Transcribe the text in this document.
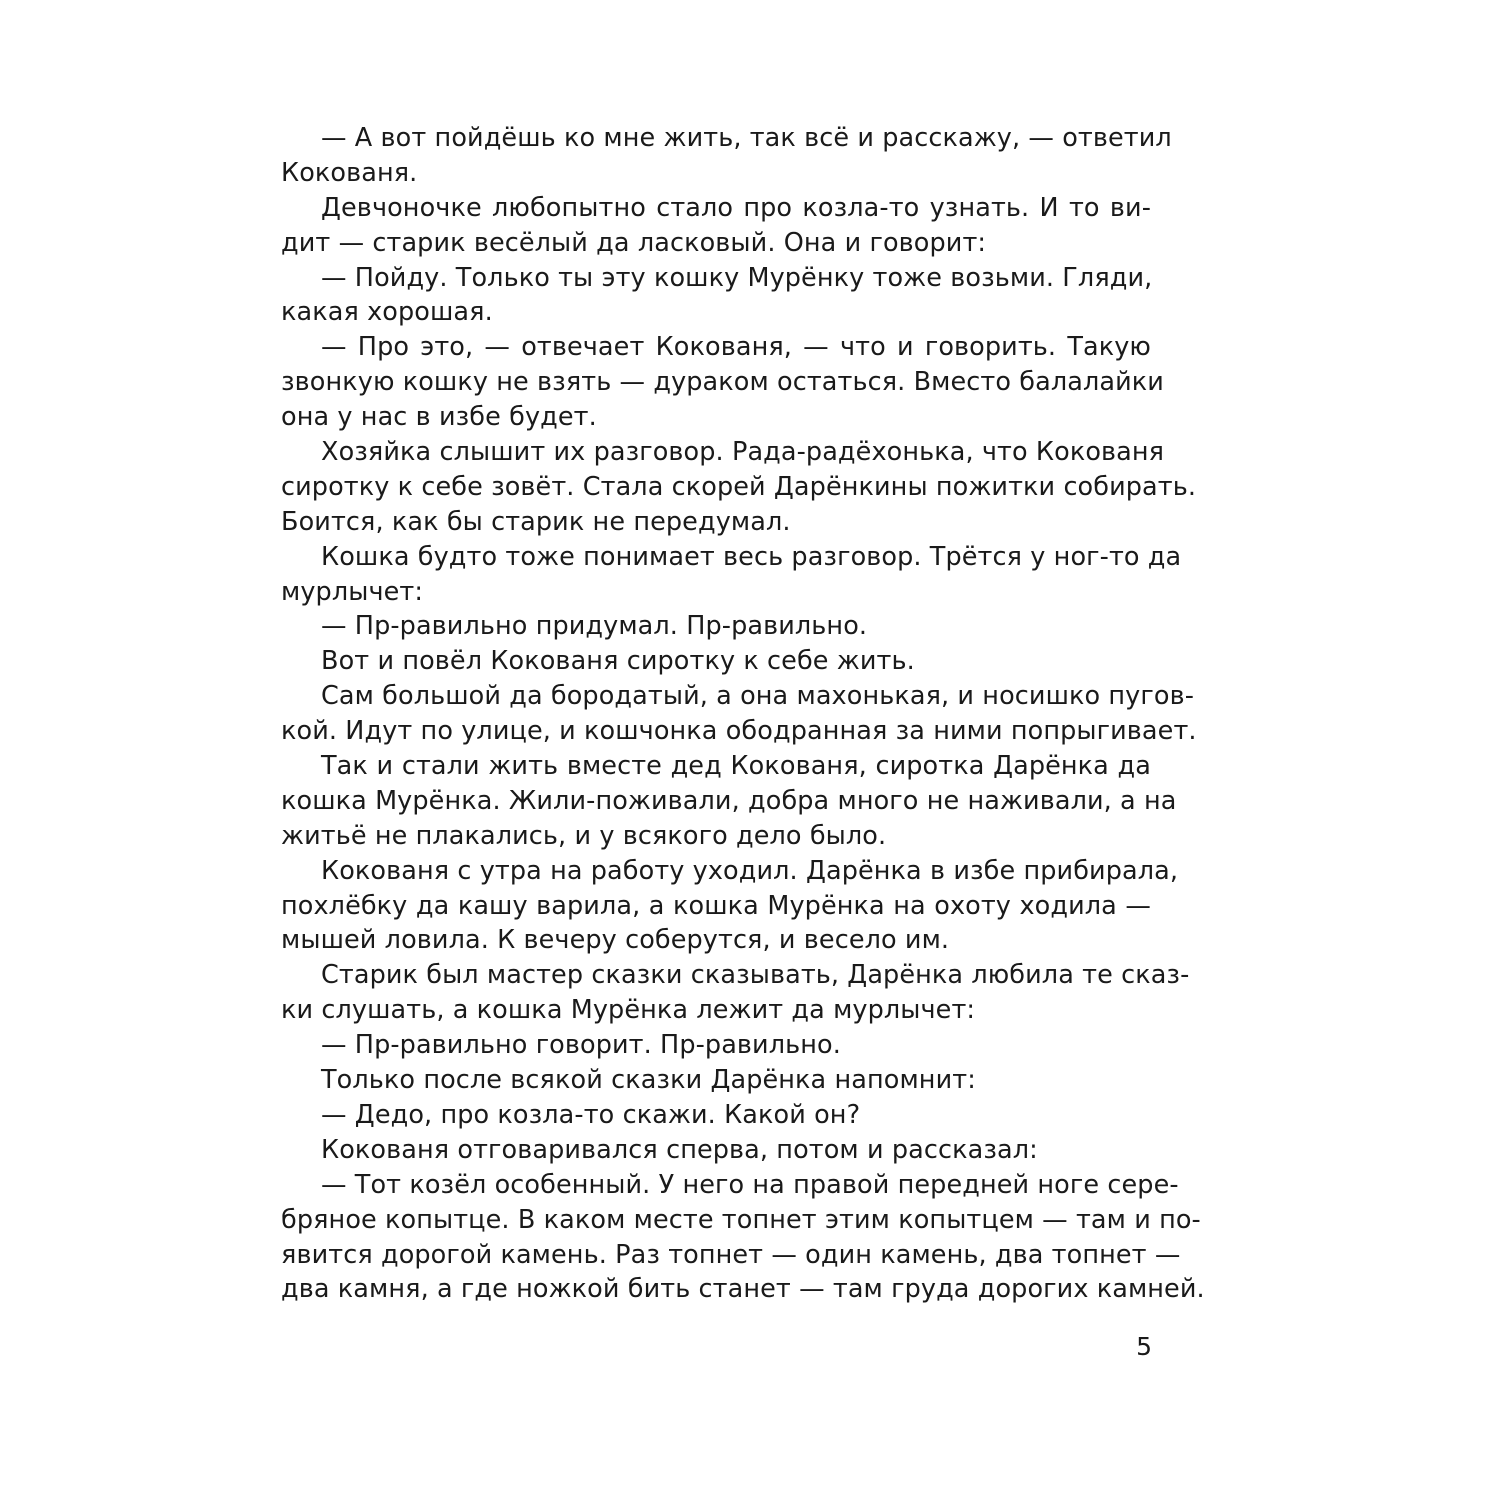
— А вот пойдёшь ко мне жить, так всё и расскажу, — ответил
Кокованя.
Девчоночке любопытно стало про козла-то узнать. И то ви-
дит — старик весёлый да ласковый. Она и говорит:
— Пойду. Только ты эту кошку Мурёнку тоже возьми. Гляди,
какая хорошая.
— Про это, — отвечает Кокованя, — что и говорить. Такую
звонкую кошку не взять — дураком остаться. Вместо балалайки
она у нас в избе будет.
Хозяйка слышит их разговор. Рада-радёхонька, что Кокованя
сиротку к себе зовёт. Стала скорей Дарёнкины пожитки собирать.
Боится, как бы старик не передумал.
Кошка будто тоже понимает весь разговор. Трётся у ног-то да
мурлычет:
— Пр-равильно придумал. Пр-равильно.
Вот и повёл Кокованя сиротку к себе жить.
Сам большой да бородатый, а она махонькая, и носишко пугов-
кой. Идут по улице, и кошчонка ободранная за ними попрыгивает.
Так и стали жить вместе дед Кокованя, сиротка Дарёнка да
кошка Мурёнка. Жили-поживали, добра много не наживали, а на
житьё не плакались, и у всякого дело было.
Кокованя с утра на работу уходил. Дарёнка в избе прибирала,
похлёбку да кашу варила, а кошка Мурёнка на охоту ходила —
мышей ловила. К вечеру соберутся, и весело им.
Старик был мастер сказки сказывать, Дарёнка любила те сказ-
ки слушать, а кошка Мурёнка лежит да мурлычет:
— Пр-равильно говорит. Пр-равильно.
Только после всякой сказки Дарёнка напомнит:
— Дедо, про козла-то скажи. Какой он?
Кокованя отговаривался сперва, потом и рассказал:
— Тот козёл особенный. У него на правой передней ноге сере-
бряное копытце. В каком месте топнет этим копытцем — там и по-
явится дорогой камень. Раз топнет — один камень, два топнет —
два камня, а где ножкой бить станет — там груда дорогих камней.
5
